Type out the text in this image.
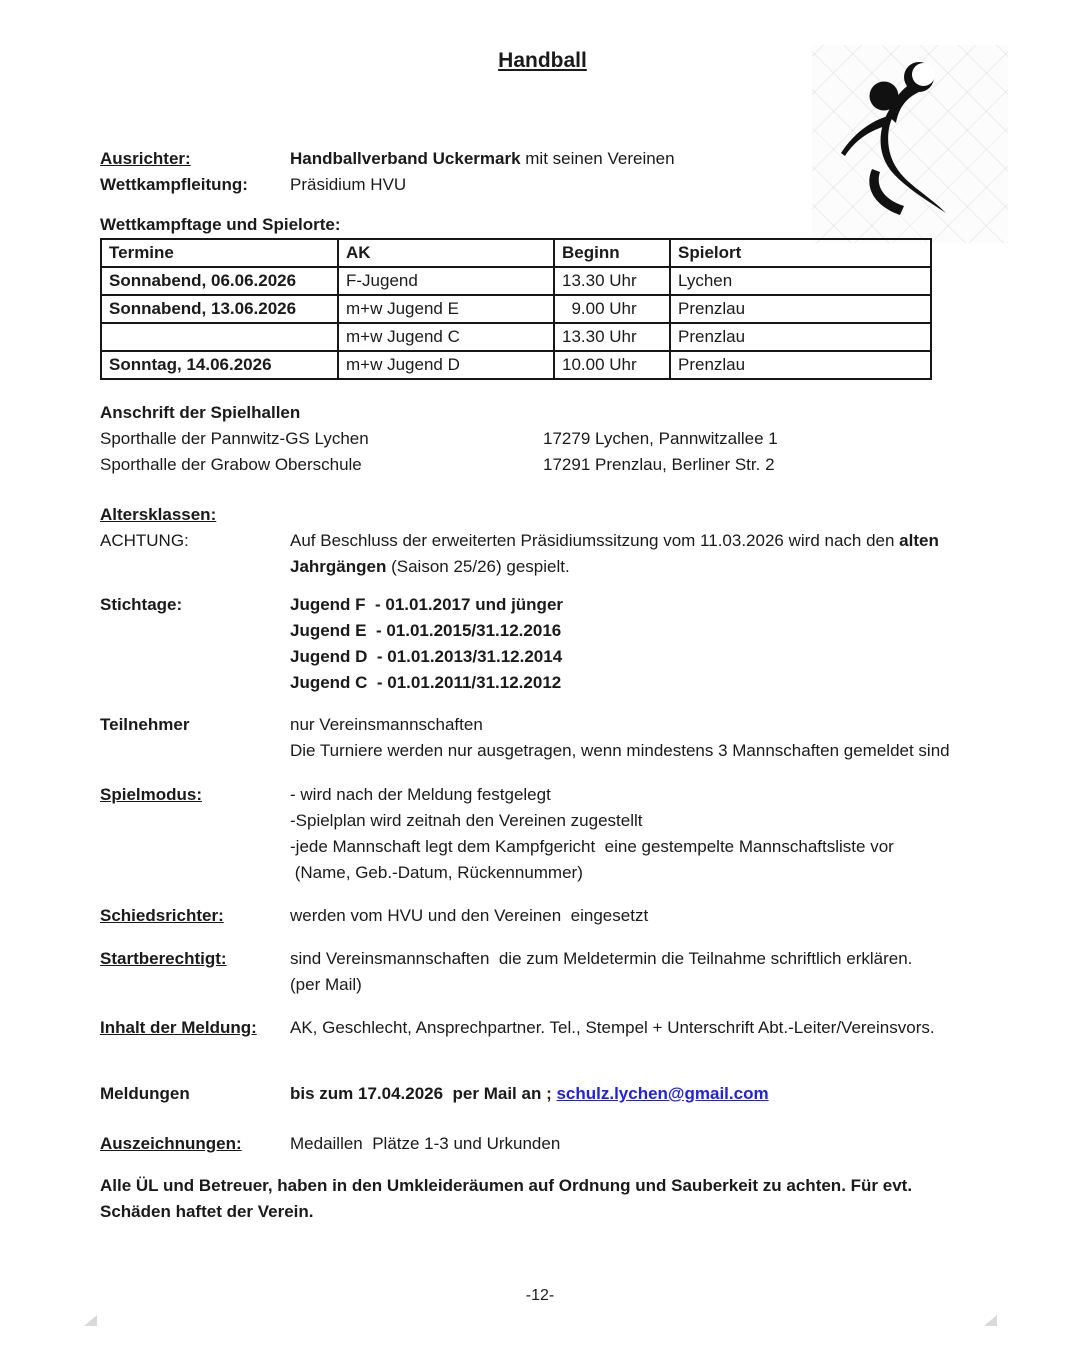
Handball
Ausrichter:	Handballverband Uckermark mit seinen Vereinen
Wettkampfleitung:	Präsidium HVU
Wettkampftage und Spielorte:
Termine	AK	Beginn	Spielort
Sonnabend, 06.06.2026	F-Jugend	13.30 Uhr	Lychen
Sonnabend, 13.06.2026	m+w Jugend E	9.00 Uhr	Prenzlau
	m+w Jugend C	13.30 Uhr	Prenzlau
Sonntag, 14.06.2026	m+w Jugend D	10.00 Uhr	Prenzlau
Anschrift der Spielhallen
Sporthalle der Pannwitz-GS Lychen	17279 Lychen, Pannwitzallee 1
Sporthalle der Grabow Oberschule	17291 Prenzlau, Berliner Str. 2
Altersklassen:
ACHTUNG:	Auf Beschluss der erweiterten Präsidiumssitzung vom 11.03.2026 wird nach den alten
Jahrgängen (Saison 25/26) gespielt.
Stichtage:	Jugend F  - 01.01.2017 und jünger
Jugend E  - 01.01.2015/31.12.2016
Jugend D  - 01.01.2013/31.12.2014
Jugend C  - 01.01.2011/31.12.2012
Teilnehmer	nur Vereinsmannschaften
Die Turniere werden nur ausgetragen, wenn mindestens 3 Mannschaften gemeldet sind
Spielmodus:	- wird nach der Meldung festgelegt
-Spielplan wird zeitnah den Vereinen zugestellt
-jede Mannschaft legt dem Kampfgericht  eine gestempelte Mannschaftsliste vor
(Name, Geb.-Datum, Rückennummer)
Schiedsrichter:	werden vom HVU und den Vereinen  eingesetzt
Startberechtigt:	sind Vereinsmannschaften  die zum Meldetermin die Teilnahme schriftlich erklären.
(per Mail)
Inhalt der Meldung:	AK, Geschlecht, Ansprechpartner. Tel., Stempel + Unterschrift Abt.-Leiter/Vereinsvors.
Meldungen	bis zum 17.04.2026  per Mail an ; schulz.lychen@gmail.com
Auszeichnungen:	Medaillen  Plätze 1-3 und Urkunden
Alle ÜL und Betreuer, haben in den Umkleideräumen auf Ordnung und Sauberkeit zu achten. Für evt.
Schäden haftet der Verein.
-12-
